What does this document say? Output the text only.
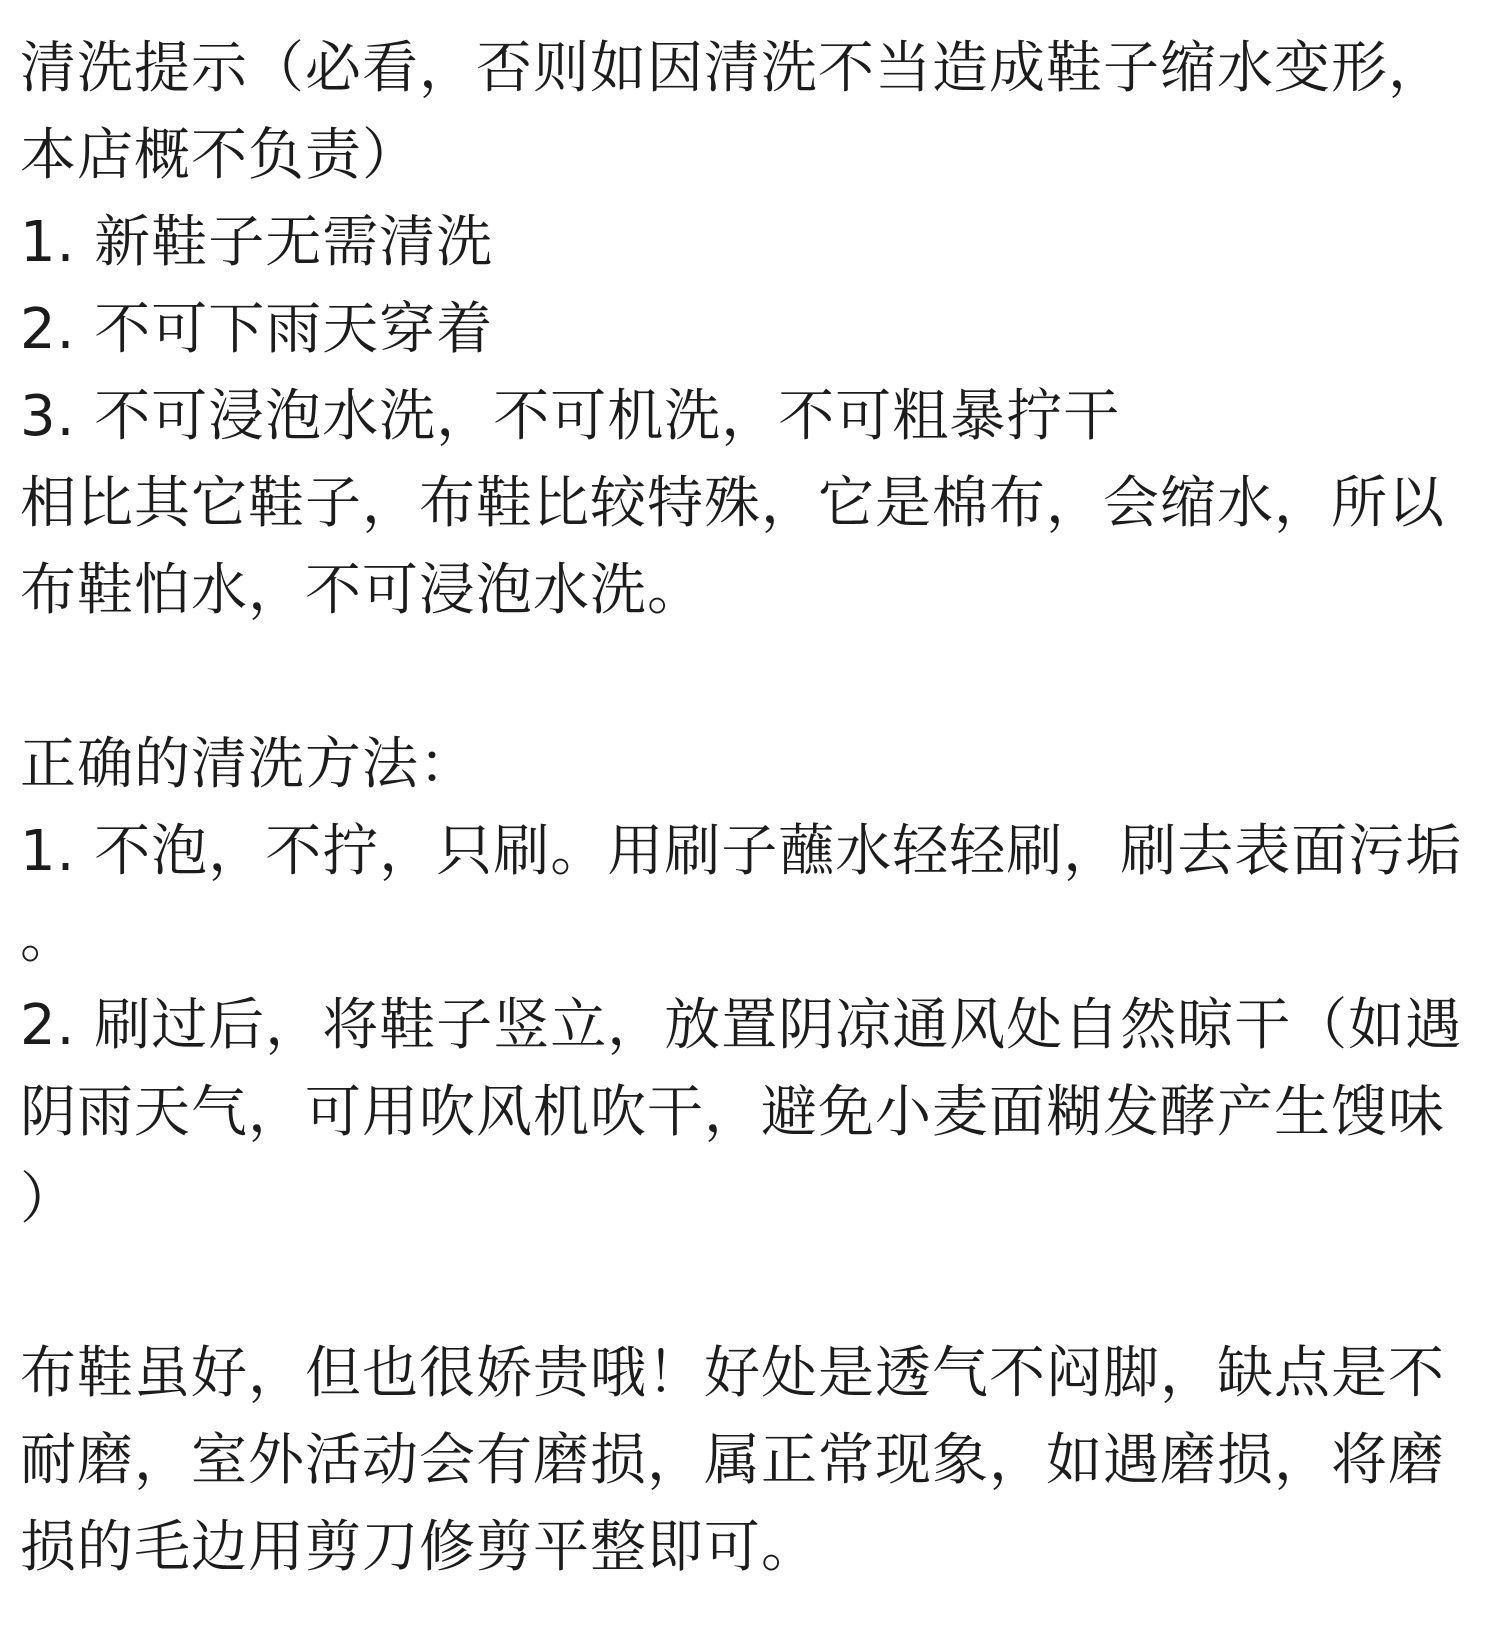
清洗提示（必看，否则如因清洗不当造成鞋子缩水变形，
本店概不负责）
1. 新鞋子无需清洗
2. 不可下雨天穿着
3. 不可浸泡水洗，不可机洗，不可粗暴拧干
相比其它鞋子，布鞋比较特殊，它是棉布，会缩水，所以
布鞋怕水，不可浸泡水洗。
正确的清洗方法：
1. 不泡，不拧，只刷。用刷子蘸水轻轻刷，刷去表面污垢
。
2. 刷过后，将鞋子竖立，放置阴凉通风处自然晾干（如遇
阴雨天气，可用吹风机吹干，避免小麦面糊发酵产生馊味
）
布鞋虽好，但也很娇贵哦！好处是透气不闷脚，缺点是不
耐磨，室外活动会有磨损，属正常现象，如遇磨损，将磨
损的毛边用剪刀修剪平整即可。
